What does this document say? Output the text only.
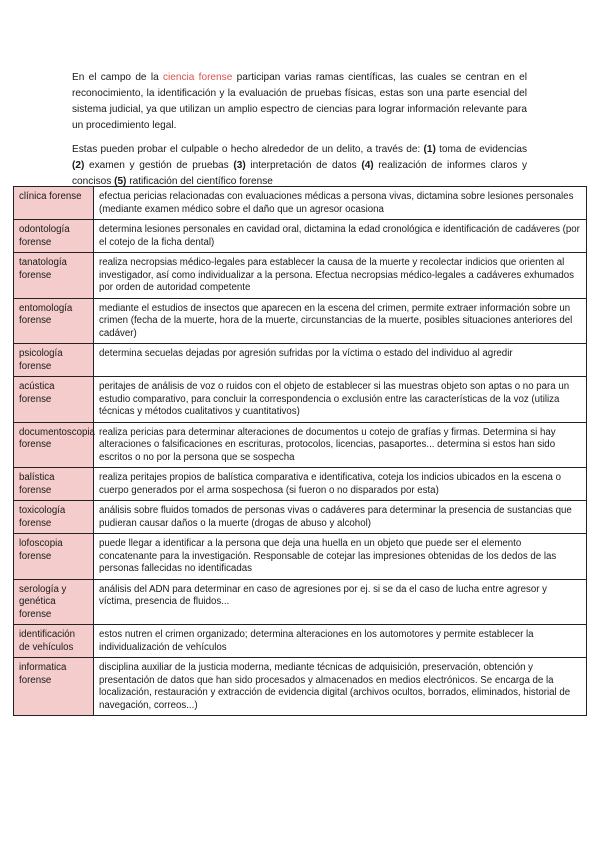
En el campo de la ciencia forense participan varias ramas científicas, las cuales se centran en el reconocimiento, la identificación y la evaluación de pruebas físicas, estas son una parte esencial del sistema judicial, ya que utilizan un amplio espectro de ciencias para lograr información relevante para un procedimiento legal.

Estas pueden probar el culpable o hecho alrededor de un delito, a través de: (1) toma de evidencias (2) examen y gestión de pruebas (3) interpretación de datos (4) realización de informes claros y concisos (5) ratificación del científico forense

clínica forense	efectua pericias relacionadas con evaluaciones médicas a persona vivas, dictamina sobre lesiones personales (mediante examen médico sobre el daño que un agresor ocasiona
odontología forense	determina lesiones personales en cavidad oral, dictamina la edad cronológica e identificación de cadáveres (por el cotejo de la ficha dental)
tanatología forense	realiza necropsias médico-legales para establecer la causa de la muerte y recolectar indicios que orienten al investigador, así como individualizar a la persona. Efectua necropsias médico-legales a cadáveres exhumados por orden de autoridad competente
entomología forense	mediante el estudios de insectos que aparecen en la escena del crimen, permite extraer información sobre un crimen (fecha de la muerte, hora de la muerte, circunstancias de la muerte, posibles situaciones anteriores del cadáver)
psicología forense	determina secuelas dejadas por agresión sufridas por la víctima o estado del individuo al agredir
acústica forense	peritajes de análisis de voz o ruidos con el objeto de establecer si las muestras objeto son aptas o no para un estudio comparativo, para concluir la correspondencia o exclusión entre las características de la voz (utiliza técnicas y métodos cualitativos y cuantitativos)
documentoscopia forense	realiza pericias para determinar alteraciones de documentos u cotejo de grafías y firmas. Determina si hay alteraciones o falsificaciones en escrituras, protocolos, licencias, pasaportes... determina si estos han sido escritos o no por la persona que se sospecha
balística forense	realiza peritajes propios de balística comparativa e identificativa, coteja los indicios ubicados en la escena o cuerpo generados por el arma sospechosa (si fueron o no disparados por esta)
toxicología forense	análisis sobre fluidos tomados de personas vivas o cadáveres para determinar la presencia de sustancias que pudieran causar daños o la muerte (drogas de abuso y alcohol)
lofoscopia forense	puede llegar a identificar a la persona que deja una huella en un objeto que puede ser el elemento concatenante para la investigación. Responsable de cotejar las impresiones obtenidas de los dedos de las personas fallecidas no identificadas
serología y genética forense	análisis del ADN para determinar en caso de agresiones por ej. si se da el caso de lucha entre agresor y víctima, presencia de fluidos...
identificación de vehículos	estos nutren el crimen organizado; determina alteraciones en los automotores y permite establecer la individualización de vehículos
informatica forense	disciplina auxiliar de la justicia moderna, mediante técnicas de adquisición, preservación, obtención y presentación de datos que han sido procesados y almacenados en medios electrónicos. Se encarga de la localización, restauración y extracción de evidencia digital (archivos ocultos, borrados, eliminados, historial de navegación, correos...)
